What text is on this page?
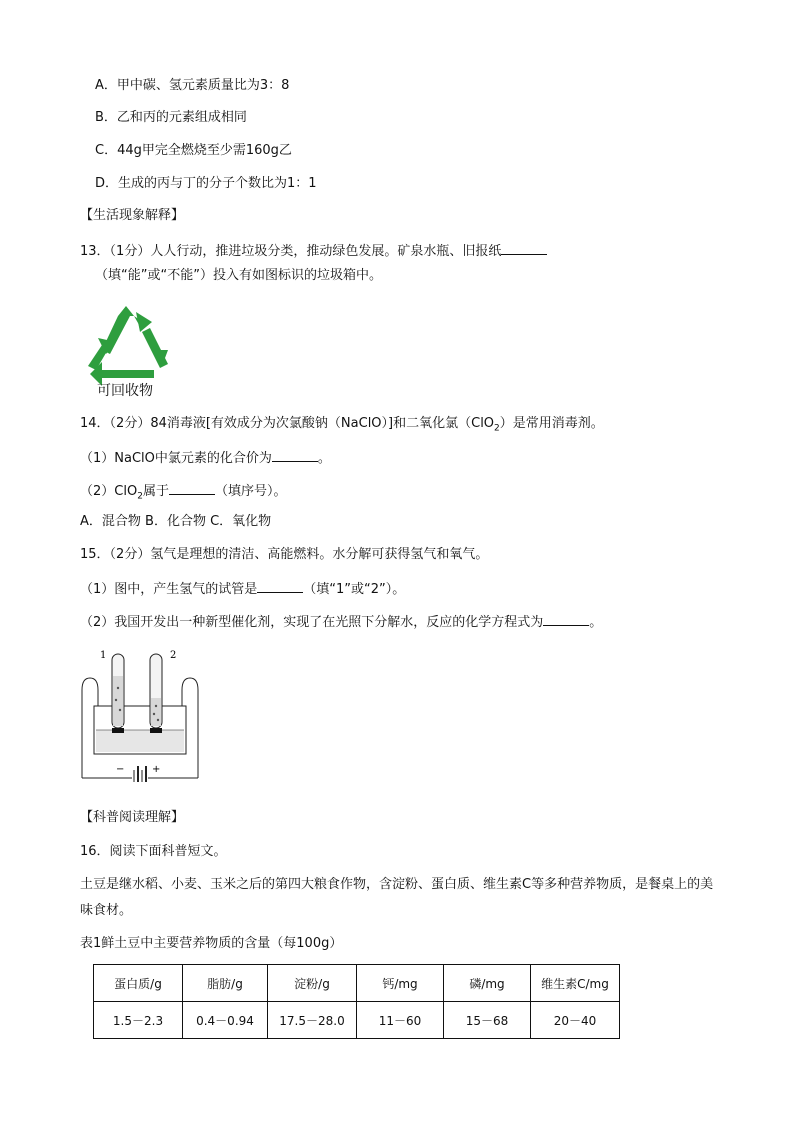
A．甲中碳、氢元素质量比为3：8
B．乙和丙的元素组成相同
C．44g甲完全燃烧至少需160g乙
D．生成的丙与丁的分子个数比为1：1
【生活现象解释】
13．（1分）人人行动，推进垃圾分类，推动绿色发展。矿泉水瓶、旧报纸
（填“能”或“不能”）投入有如图标识的垃圾箱中。
可回收物
14．（2分）84消毒液[有效成分为次氯酸钠（NaClO）]和二氧化氯（ClO$_2$）是常用消毒剂。
（1）NaClO中氯元素的化合价为	。
（2）ClO$_2$属于	（填序号）。
A．混合物 B．化合物 C．氧化物
15．（2分）氢气是理想的清洁、高能燃料。水分解可获得氢气和氧气。
（1）图中，产生氢气的试管是	（填“1”或“2”）。
（2）我国开发出一种新型催化剂，实现了在光照下分解水，反应的化学方程式为	。
−	+
1	2
【科普阅读理解】
16．阅读下面科普短文。
土豆是继水稻、小麦、玉米之后的第四大粮食作物，含淀粉、蛋白质、维生素C等多种营养物质，是餐桌上的美味食材。
表1鲜土豆中主要营养物质的含量（每100g）
蛋白质/g	脂肪/g	淀粉/g	钙/mg	磷/mg	维生素C/mg
1.5－2.3	0.4－0.94	17.5－28.0	11－60	15－68	20－40
